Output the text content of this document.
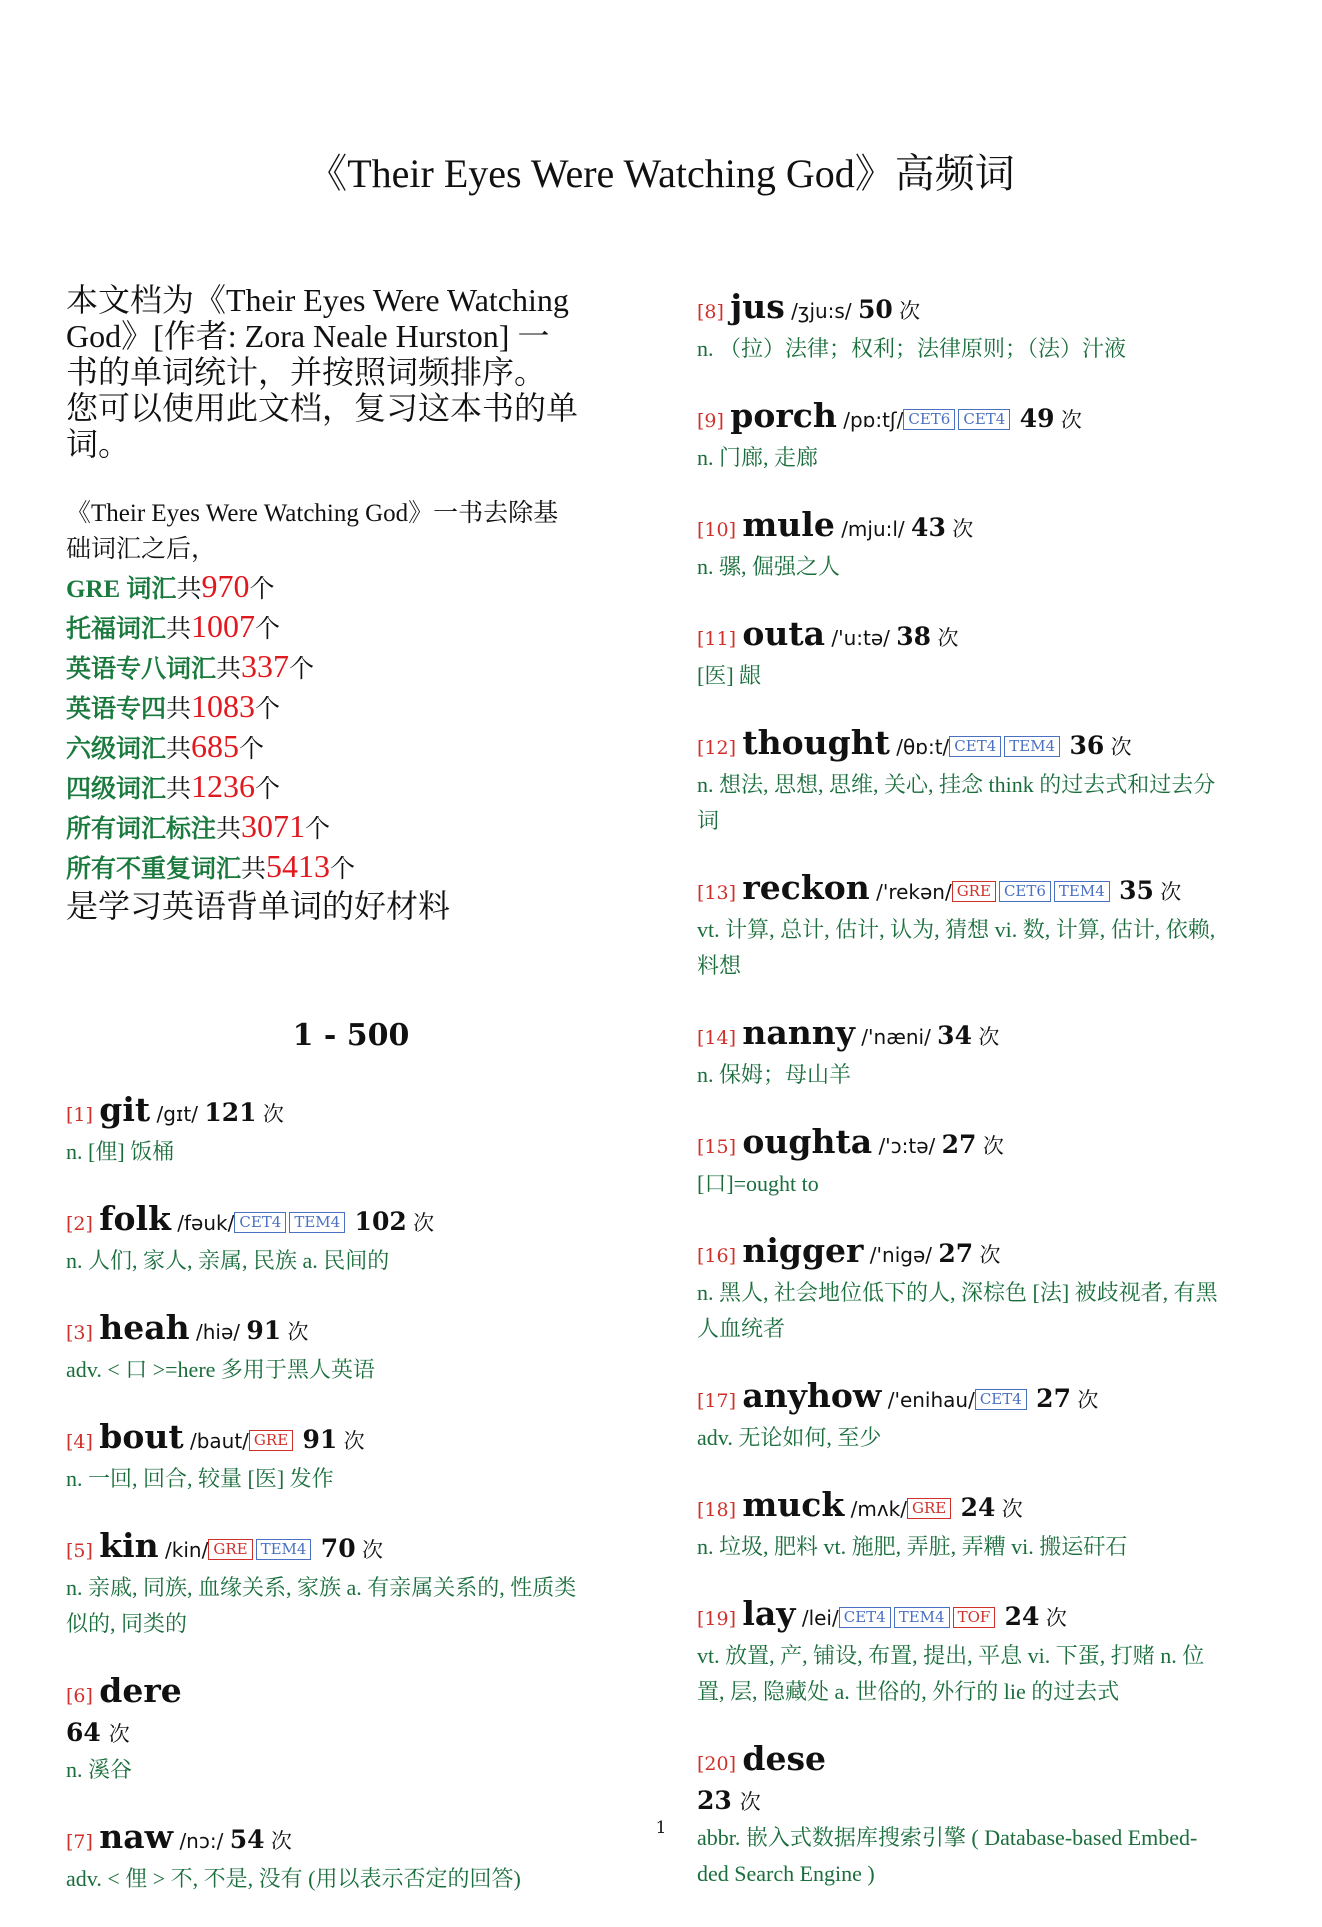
《Their Eyes Were Watching God》高频词
本文档为《Their Eyes Were Watching
God》[作者: Zora Neale Hurston] 一
书的单词统计，并按照词频排序。
您可以使用此文档，复习这本书的单
词。
《Their Eyes Were Watching God》一书去除基
础词汇之后，
GRE 词汇共970个
托福词汇共1007个
英语专八词汇共337个
英语专四共1083个
六级词汇共685个
四级词汇共1236个
所有词汇标注共3071个
所有不重复词汇共5413个
是学习英语背单词的好材料
1 - 500
[1] git /gɪt/ 121 次
n. [俚] 饭桶
[2] folk /fəuk/ CET4 TEM4 102 次
n. 人们, 家人, 亲属, 民族 a. 民间的
[3] heah /hiə/ 91 次
adv. < 口 >=here 多用于黑人英语
[4] bout /baut/ GRE 91 次
n. 一回, 回合, 较量 [医] 发作
[5] kin /kin/ GRE TEM4 70 次
n. 亲戚, 同族, 血缘关系, 家族 a. 有亲属关系的, 性质类
似的, 同类的
[6] dere
64 次
n. 溪谷
[7] naw /nɔ:/ 54 次
adv. < 俚 > 不, 不是, 没有 (用以表示否定的回答)
[8] jus /ʒju:s/ 50 次
n. （拉）法律；权利；法律原则；（法）汁液
[9] porch /pɒ:tʃ/ CET6 CET4 49 次
n. 门廊, 走廊
[10] mule /mju:l/ 43 次
n. 骡, 倔强之人
[11] outa /'u:tə/ 38 次
[医] 龈
[12] thought /θɒ:t/ CET4 TEM4 36 次
n. 想法, 思想, 思维, 关心, 挂念 think 的过去式和过去分
词
[13] reckon /'rekən/ GRE CET6 TEM4 35 次
vt. 计算, 总计, 估计, 认为, 猜想 vi. 数, 计算, 估计, 依赖,
料想
[14] nanny /'næni/ 34 次
n. 保姆；母山羊
[15] oughta /'ɔ:tə/ 27 次
[口]=ought to
[16] nigger /'nigə/ 27 次
n. 黑人, 社会地位低下的人, 深棕色 [法] 被歧视者, 有黑
人血统者
[17] anyhow /'enihau/ CET4 27 次
adv. 无论如何, 至少
[18] muck /mʌk/ GRE 24 次
n. 垃圾, 肥料 vt. 施肥, 弄脏, 弄糟 vi. 搬运矸石
[19] lay /lei/ CET4 TEM4 TOF 24 次
vt. 放置, 产, 铺设, 布置, 提出, 平息 vi. 下蛋, 打赌 n. 位
置, 层, 隐藏处 a. 世俗的, 外行的 lie 的过去式
[20] dese
23 次
abbr. 嵌入式数据库搜索引擎 ( Database-based Embed-
ded Search Engine )
1
